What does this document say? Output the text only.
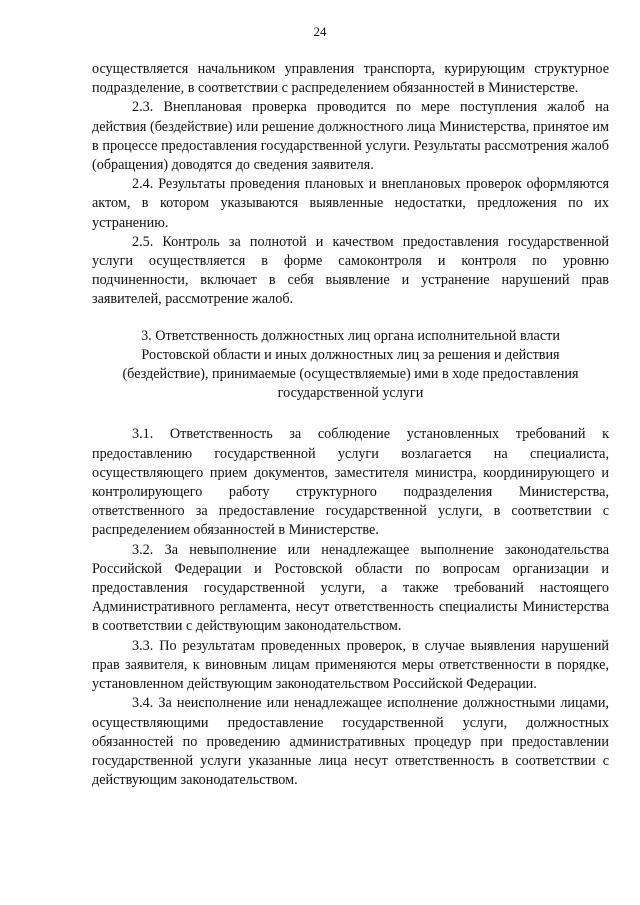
24

осуществляется начальником управления транспорта, курирующим структурное подразделение, в соответствии с распределением обязанностей в Министерстве.

2.3. Внеплановая проверка проводится по мере поступления жалоб на действия (бездействие) или решение должностного лица Министерства, принятое им в процессе предоставления государственной услуги. Результаты рассмотрения жалоб (обращения) доводятся до сведения заявителя.

2.4. Результаты проведения плановых и внеплановых проверок оформляются актом, в котором указываются выявленные недостатки, предложения по их устранению.

2.5. Контроль за полнотой и качеством предоставления государственной услуги осуществляется в форме самоконтроля и контроля по уровню подчиненности, включает в себя выявление и устранение нарушений прав заявителей, рассмотрение жалоб.

3. Ответственность должностных лиц органа исполнительной власти
Ростовской области и иных должностных лиц за решения и действия
(бездействие), принимаемые (осуществляемые) ими в ходе предоставления
государственной услуги

3.1. Ответственность за соблюдение установленных требований к предоставлению государственной услуги возлагается на специалиста, осуществляющего прием документов, заместителя министра, координирующего и контролирующего работу структурного подразделения Министерства, ответственного за предоставление государственной услуги, в соответствии с распределением обязанностей в Министерстве.

3.2. За невыполнение или ненадлежащее выполнение законодательства Российской Федерации и Ростовской области по вопросам организации и предоставления государственной услуги, а также требований настоящего Административного регламента, несут ответственность специалисты Министерства в соответствии с действующим законодательством.

3.3. По результатам проведенных проверок, в случае выявления нарушений прав заявителя, к виновным лицам применяются меры ответственности в порядке, установленном действующим законодательством Российской Федерации.

3.4. За неисполнение или ненадлежащее исполнение должностными лицами, осуществляющими предоставление государственной услуги, должностных обязанностей по проведению административных процедур при предоставлении государственной услуги указанные лица несут ответственность в соответствии с действующим законодательством.
